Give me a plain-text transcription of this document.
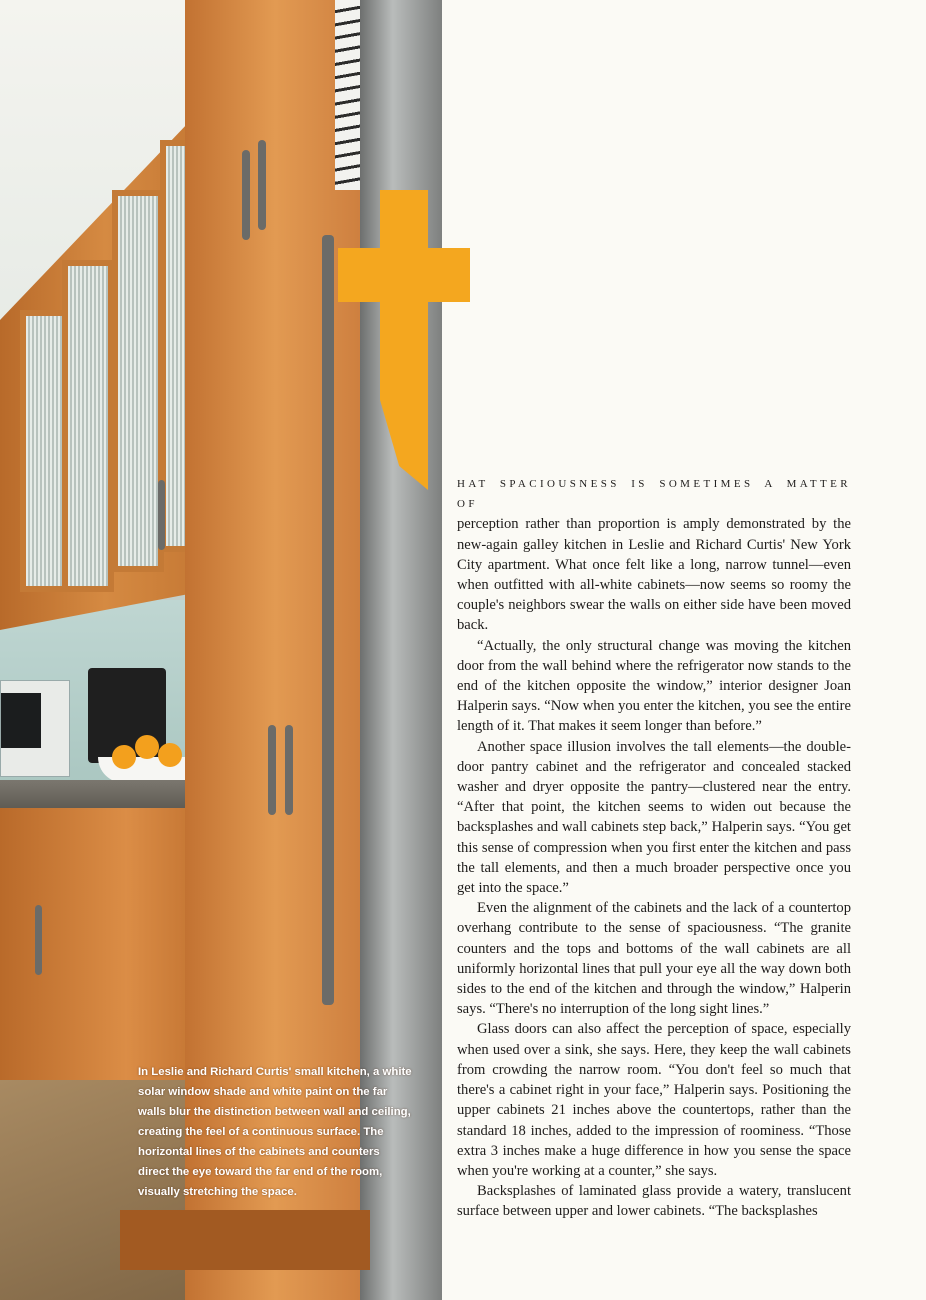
In Leslie and Richard Curtis' small kitchen, a white solar window shade and white paint on the far walls blur the distinction between wall and ceiling, creating the feel of a continuous surface. The horizontal lines of the cabinets and counters direct the eye toward the far end of the room, visually stretching the space.
HAT SPACIOUSNESS IS SOMETIMES A MATTER OF

perception rather than proportion is amply demonstrated by the new-again galley kitchen in Leslie and Richard Curtis' New York City apartment. What once felt like a long, narrow tunnel—even when outfitted with all-white cabinets—now seems so roomy the couple's neighbors swear the walls on either side have been moved back.

“Actually, the only structural change was moving the kitchen door from the wall behind where the refrigerator now stands to the end of the kitchen opposite the window,” interior designer Joan Halperin says. “Now when you enter the kitchen, you see the entire length of it. That makes it seem longer than before.”

Another space illusion involves the tall elements—the double-door pantry cabinet and the refrigerator and concealed stacked washer and dryer opposite the pantry—clustered near the entry. “After that point, the kitchen seems to widen out because the backsplashes and wall cabinets step back,” Halperin says. “You get this sense of compression when you first enter the kitchen and pass the tall elements, and then a much broader perspective once you get into the space.”

Even the alignment of the cabinets and the lack of a countertop overhang contribute to the sense of spaciousness. “The granite counters and the tops and bottoms of the wall cabinets are all uniformly horizontal lines that pull your eye all the way down both sides to the end of the kitchen and through the window,” Halperin says. “There's no interruption of the long sight lines.”

Glass doors can also affect the perception of space, especially when used over a sink, she says. Here, they keep the wall cabinets from crowding the narrow room. “You don't feel so much that there's a cabinet right in your face,” Halperin says. Positioning the upper cabinets 21 inches above the countertops, rather than the standard 18 inches, added to the impression of roominess. “Those extra 3 inches make a huge difference in how you sense the space when you're working at a counter,” she says.

Backsplashes of laminated glass provide a watery, translucent surface between upper and lower cabinets. “The backsplashes
